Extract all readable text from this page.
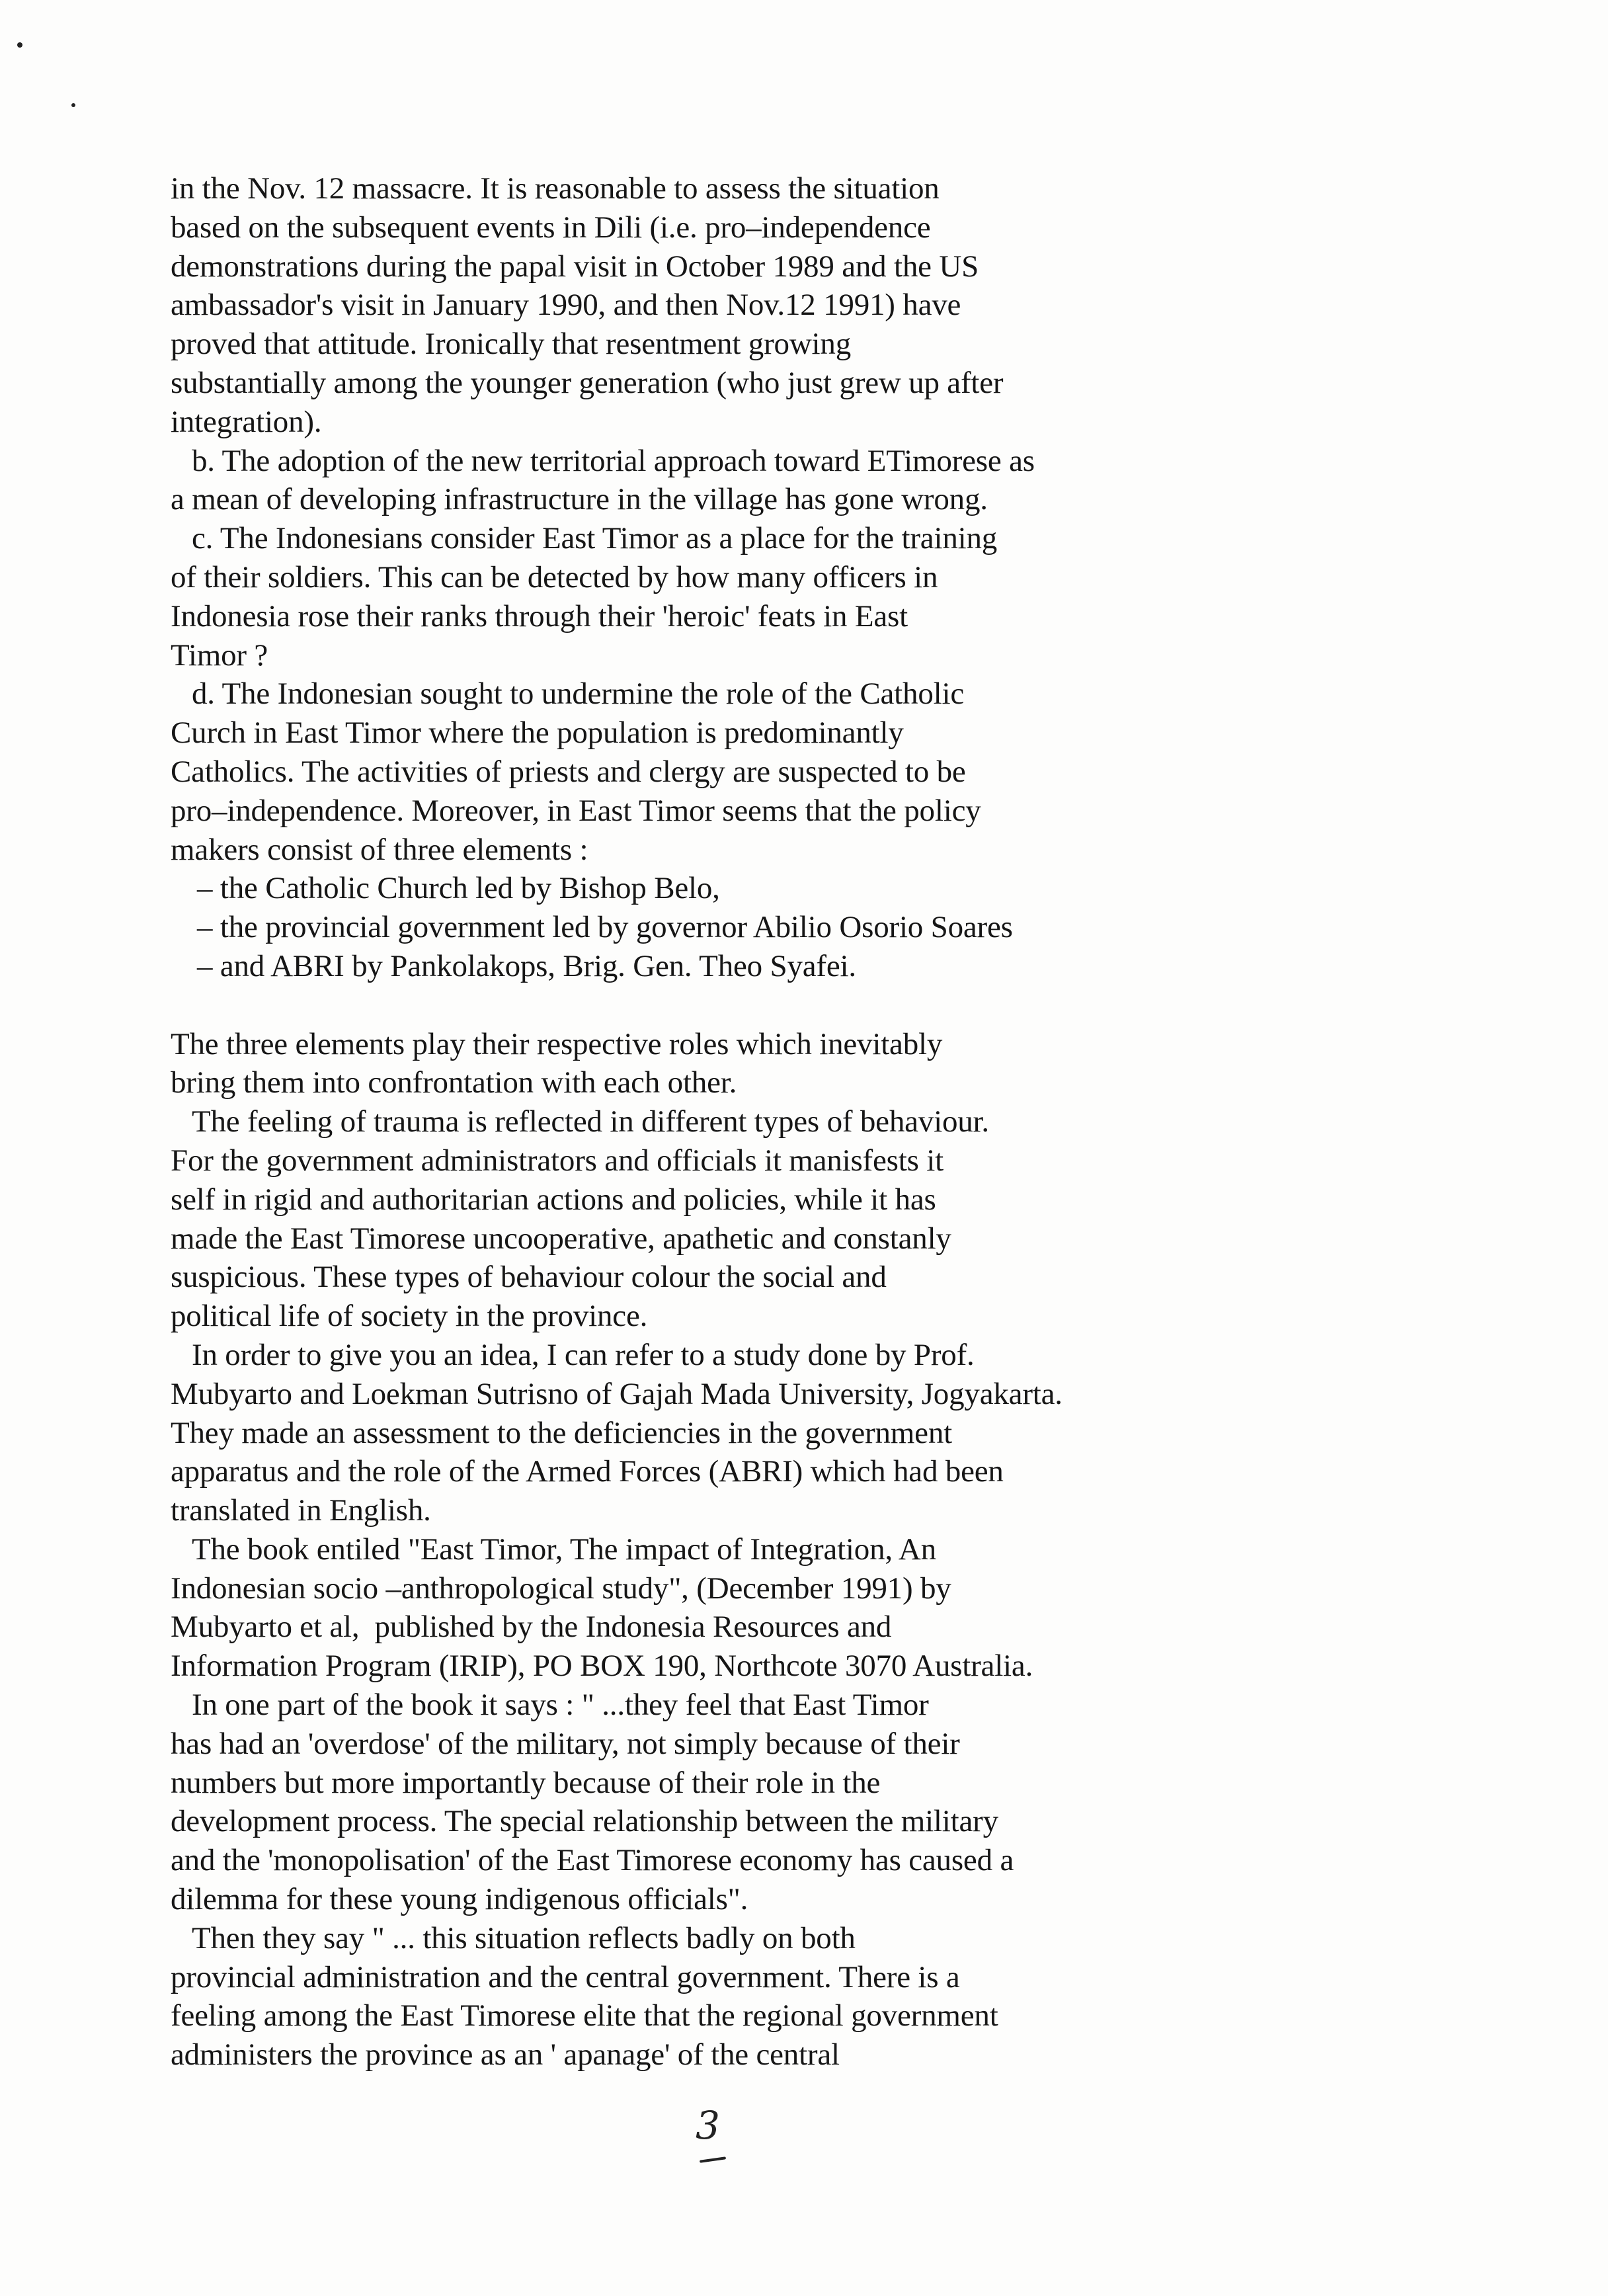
in the Nov. 12 massacre. It is reasonable to assess the situation
based on the subsequent events in Dili (i.e. pro–independence
demonstrations during the papal visit in October 1989 and the US
ambassador's visit in January 1990, and then Nov.12 1991) have
proved that attitude. Ironically that resentment growing
substantially among the younger generation (who just grew up after
integration).
b. The adoption of the new territorial approach toward ETimorese as
a mean of developing infrastructure in the village has gone wrong.
c. The Indonesians consider East Timor as a place for the training
of their soldiers. This can be detected by how many officers in
Indonesia rose their ranks through their 'heroic' feats in East
Timor ?
d. The Indonesian sought to undermine the role of the Catholic
Curch in East Timor where the population is predominantly
Catholics. The activities of priests and clergy are suspected to be
pro–independence. Moreover, in East Timor seems that the policy
makers consist of three elements :
– the Catholic Church led by Bishop Belo,
– the provincial government led by governor Abilio Osorio Soares
– and ABRI by Pankolakops, Brig. Gen. Theo Syafei.
The three elements play their respective roles which inevitably
bring them into confrontation with each other.
The feeling of trauma is reflected in different types of behaviour.
For the government administrators and officials it manisfests it
self in rigid and authoritarian actions and policies, while it has
made the East Timorese uncooperative, apathetic and constanly
suspicious. These types of behaviour colour the social and
political life of society in the province.
In order to give you an idea, I can refer to a study done by Prof.
Mubyarto and Loekman Sutrisno of Gajah Mada University, Jogyakarta.
They made an assessment to the deficiencies in the government
apparatus and the role of the Armed Forces (ABRI) which had been
translated in English.
The book entiled "East Timor, The impact of Integration, An
Indonesian socio –anthropological study", (December 1991) by
Mubyarto et al,  published by the Indonesia Resources and
Information Program (IRIP), PO BOX 190, Northcote 3070 Australia.
In one part of the book it says : " ...they feel that East Timor
has had an 'overdose' of the military, not simply because of their
numbers but more importantly because of their role in the
development process. The special relationship between the military
and the 'monopolisation' of the East Timorese economy has caused a
dilemma for these young indigenous officials".
Then they say " ... this situation reflects badly on both
provincial administration and the central government. There is a
feeling among the East Timorese elite that the regional government
administers the province as an ' apanage' of the central
3
